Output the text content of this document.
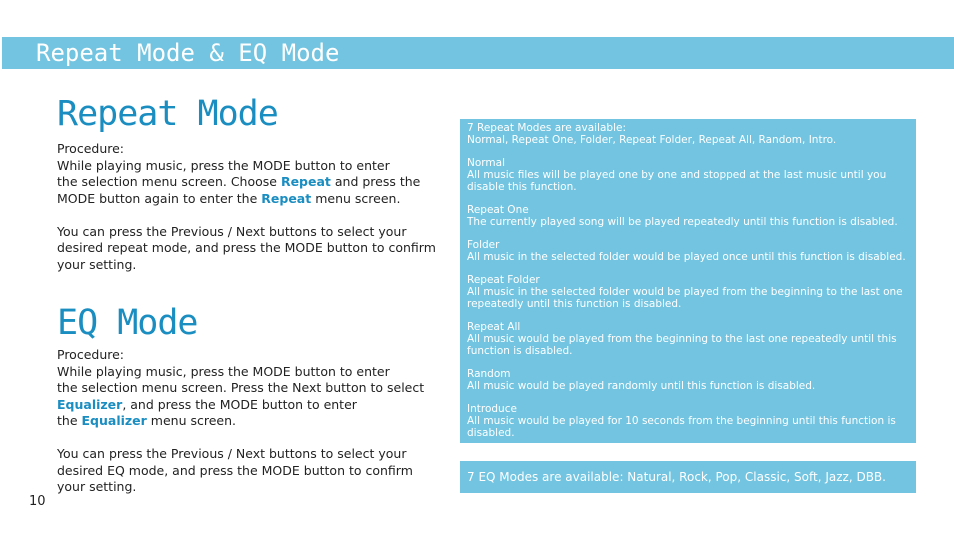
Repeat Mode & EQ Mode
Repeat Mode

Procedure:

While playing music, press the MODE button to enter

the selection menu screen. Choose Repeat and press the

MODE button again to enter the Repeat menu screen.

You can press the Previous / Next buttons to select your

desired repeat mode, and press the MODE button to confirm

your setting.

EQ Mode

Procedure:

While playing music, press the MODE button to enter

the selection menu screen. Press the Next button to select

Equalizer, and press the MODE button to enter

the Equalizer menu screen.

You can press the Previous / Next buttons to select your

desired EQ mode, and press the MODE button to confirm

your setting.

7 Repeat Modes are available:
Normal, Repeat One, Folder, Repeat Folder, Repeat All, Random, Intro.
Normal
All music files will be played one by one and stopped at the last music until you disable this function.
Repeat One
The currently played song will be played repeatedly until this function is disabled.
Folder
All music in the selected folder would be played once until this function is disabled.
Repeat Folder
All music in the selected folder would be played from the beginning to the last one repeatedly until this function is disabled.
Repeat All
All music would be played from the beginning to the last one repeatedly until this function is disabled.
Random
All music would be played randomly until this function is disabled.
Introduce
All music would be played for 10 seconds from the beginning until this function is disabled.
7 EQ Modes are available: Natural, Rock, Pop, Classic, Soft, Jazz, DBB.
10
